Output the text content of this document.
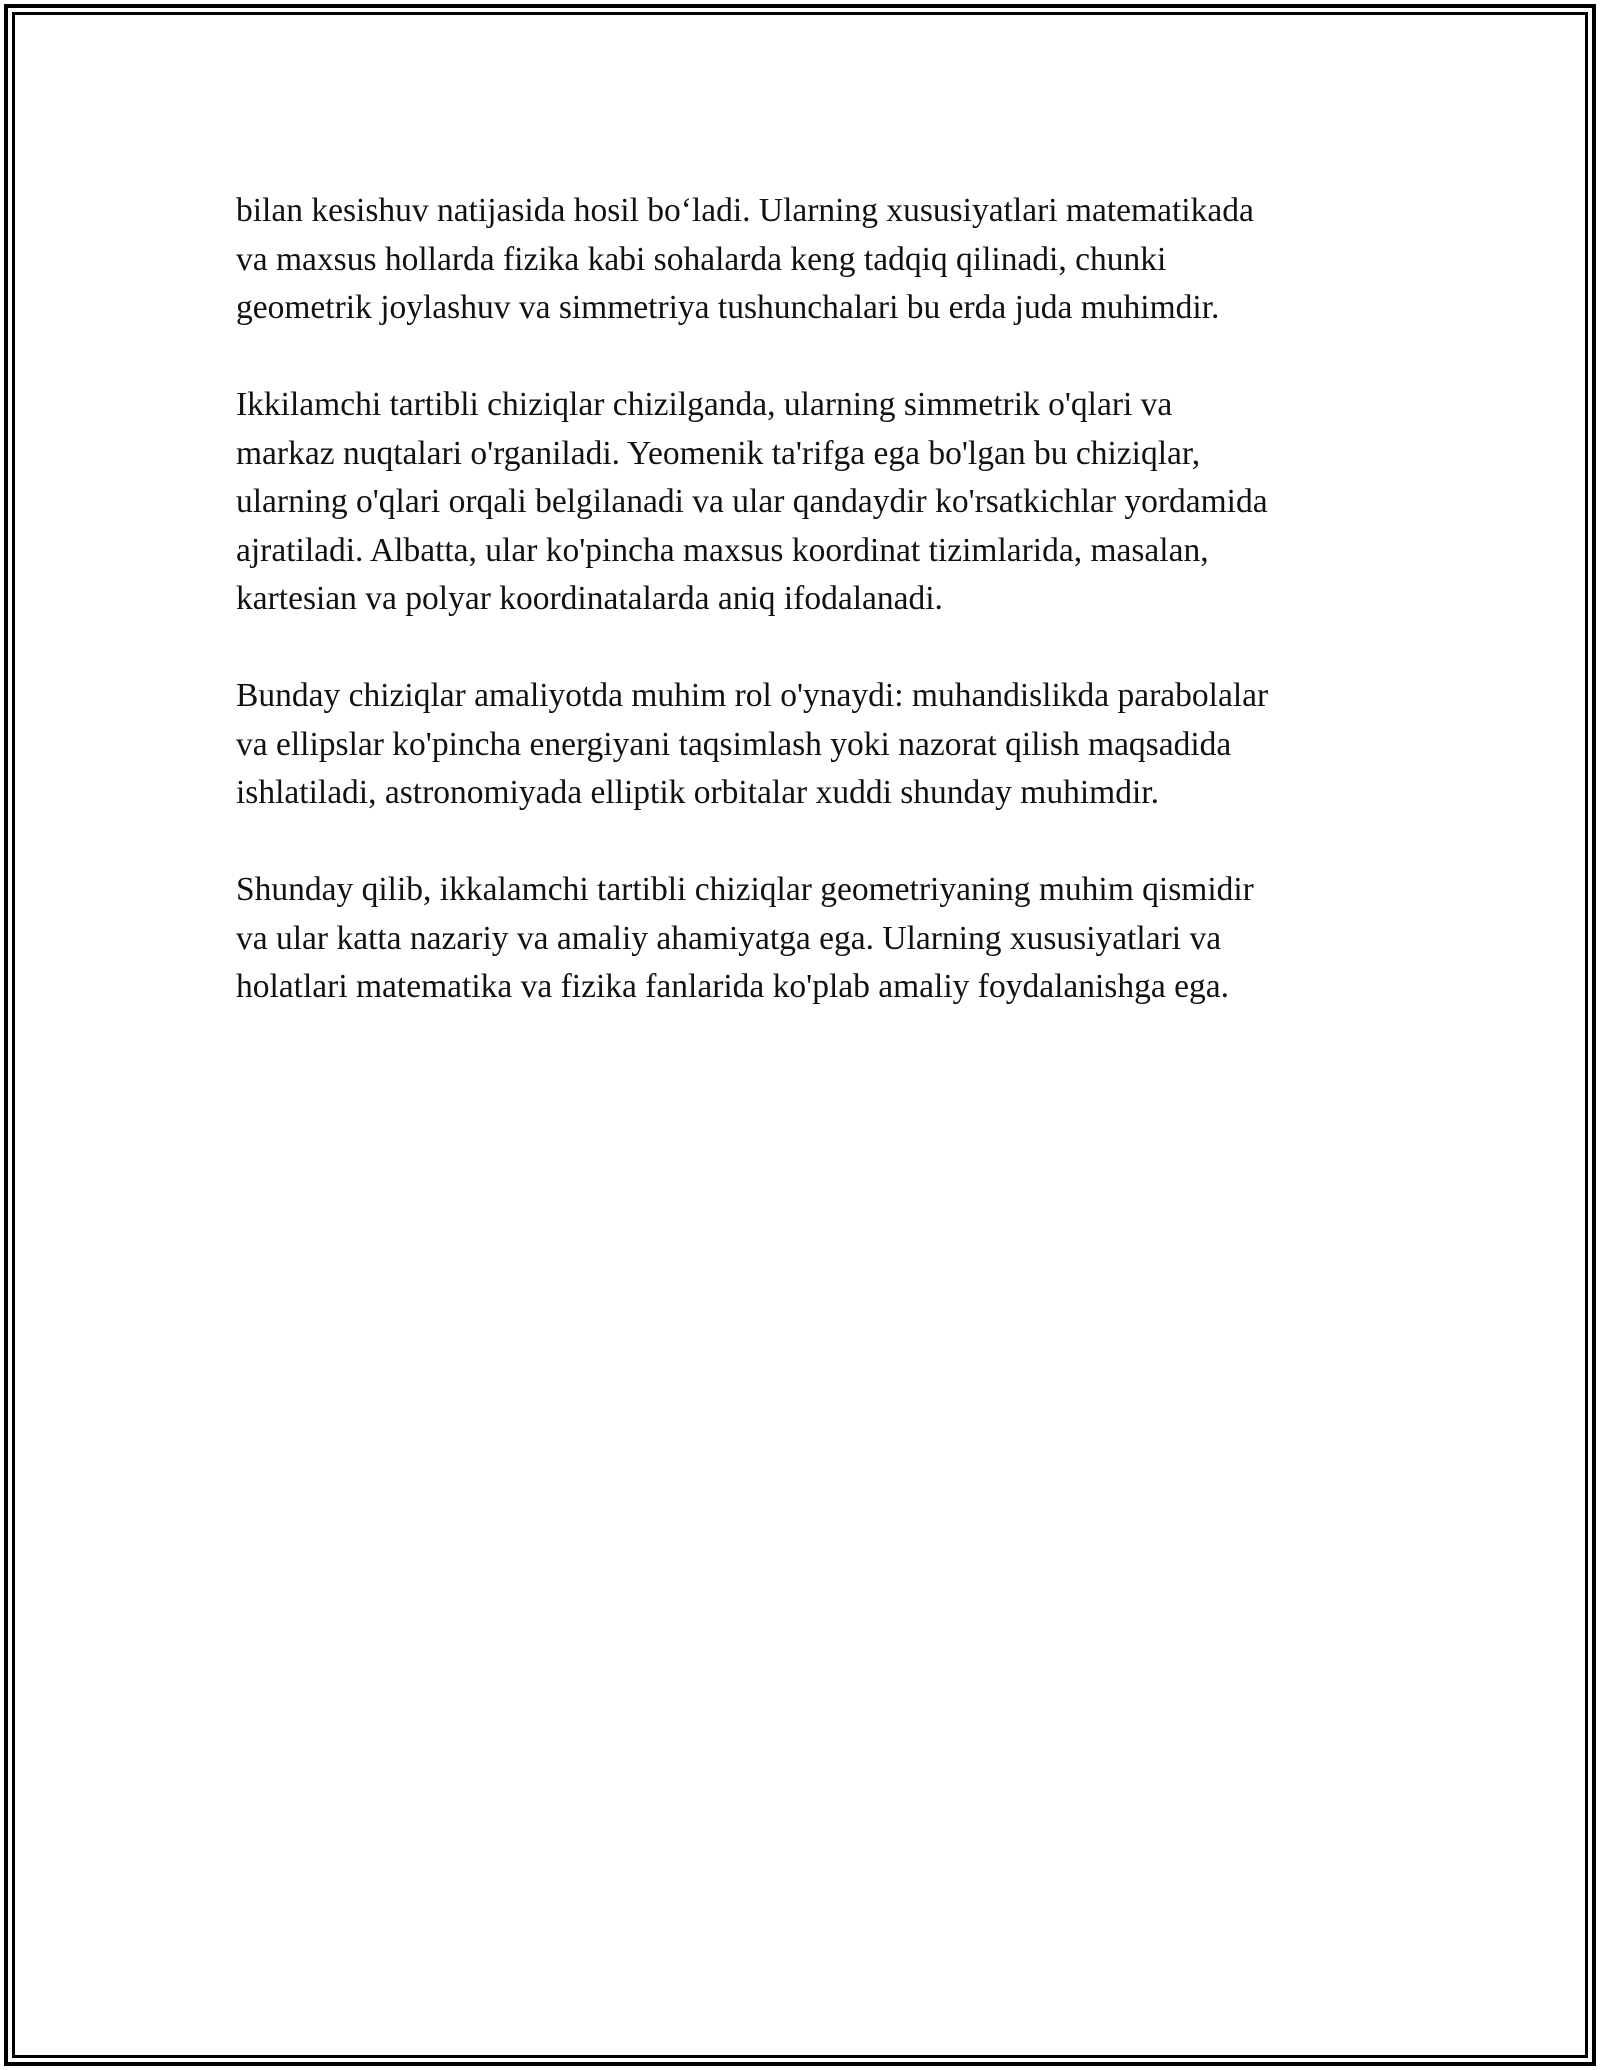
bilan kesishuv natijasida hosil bo‘ladi. Ularning xususiyatlari matematikada
va maxsus hollarda fizika kabi sohalarda keng tadqiq qilinadi, chunki
geometrik joylashuv va simmetriya tushunchalari bu erda juda muhimdir.

Ikkilamchi tartibli chiziqlar chizilganda, ularning simmetrik o'qlari va
markaz nuqtalari o'rganiladi. Yeomenik ta'rifga ega bo'lgan bu chiziqlar,
ularning o'qlari orqali belgilanadi va ular qandaydir ko'rsatkichlar yordamida
ajratiladi. Albatta, ular ko'pincha maxsus koordinat tizimlarida, masalan,
kartesian va polyar koordinatalarda aniq ifodalanadi.

Bunday chiziqlar amaliyotda muhim rol o'ynaydi: muhandislikda parabolalar
va ellipslar ko'pincha energiyani taqsimlash yoki nazorat qilish maqsadida
ishlatiladi, astronomiyada elliptik orbitalar xuddi shunday muhimdir.

Shunday qilib, ikkalamchi tartibli chiziqlar geometriyaning muhim qismidir
va ular katta nazariy va amaliy ahamiyatga ega. Ularning xususiyatlari va
holatlari matematika va fizika fanlarida ko'plab amaliy foydalanishga ega.
